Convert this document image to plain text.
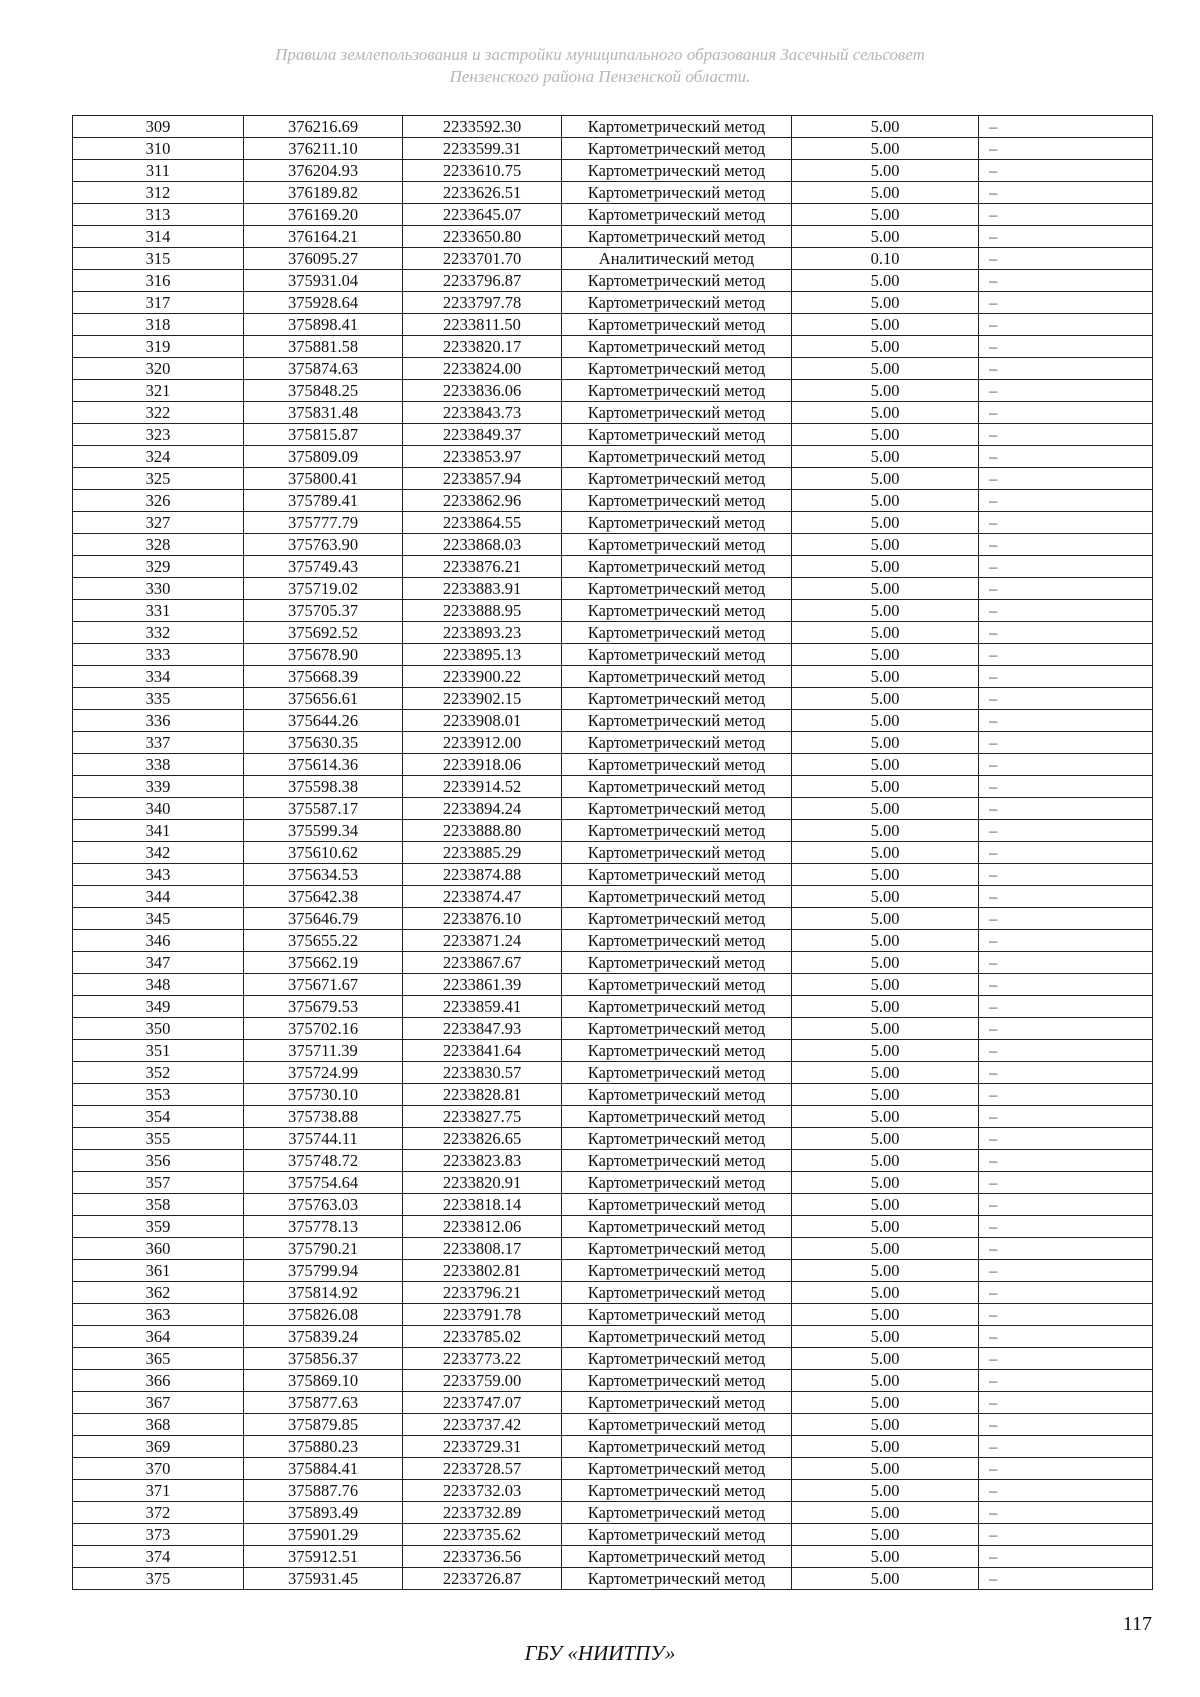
Правила землепользования и застройки муниципального образования Засечный сельсовет
Пензенского района Пензенской области.
309	376216.69	2233592.30	Картометрический метод	5.00	–
310	376211.10	2233599.31	Картометрический метод	5.00	–
311	376204.93	2233610.75	Картометрический метод	5.00	–
312	376189.82	2233626.51	Картометрический метод	5.00	–
313	376169.20	2233645.07	Картометрический метод	5.00	–
314	376164.21	2233650.80	Картометрический метод	5.00	–
315	376095.27	2233701.70	Аналитический метод	0.10	–
316	375931.04	2233796.87	Картометрический метод	5.00	–
317	375928.64	2233797.78	Картометрический метод	5.00	–
318	375898.41	2233811.50	Картометрический метод	5.00	–
319	375881.58	2233820.17	Картометрический метод	5.00	–
320	375874.63	2233824.00	Картометрический метод	5.00	–
321	375848.25	2233836.06	Картометрический метод	5.00	–
322	375831.48	2233843.73	Картометрический метод	5.00	–
323	375815.87	2233849.37	Картометрический метод	5.00	–
324	375809.09	2233853.97	Картометрический метод	5.00	–
325	375800.41	2233857.94	Картометрический метод	5.00	–
326	375789.41	2233862.96	Картометрический метод	5.00	–
327	375777.79	2233864.55	Картометрический метод	5.00	–
328	375763.90	2233868.03	Картометрический метод	5.00	–
329	375749.43	2233876.21	Картометрический метод	5.00	–
330	375719.02	2233883.91	Картометрический метод	5.00	–
331	375705.37	2233888.95	Картометрический метод	5.00	–
332	375692.52	2233893.23	Картометрический метод	5.00	–
333	375678.90	2233895.13	Картометрический метод	5.00	–
334	375668.39	2233900.22	Картометрический метод	5.00	–
335	375656.61	2233902.15	Картометрический метод	5.00	–
336	375644.26	2233908.01	Картометрический метод	5.00	–
337	375630.35	2233912.00	Картометрический метод	5.00	–
338	375614.36	2233918.06	Картометрический метод	5.00	–
339	375598.38	2233914.52	Картометрический метод	5.00	–
340	375587.17	2233894.24	Картометрический метод	5.00	–
341	375599.34	2233888.80	Картометрический метод	5.00	–
342	375610.62	2233885.29	Картометрический метод	5.00	–
343	375634.53	2233874.88	Картометрический метод	5.00	–
344	375642.38	2233874.47	Картометрический метод	5.00	–
345	375646.79	2233876.10	Картометрический метод	5.00	–
346	375655.22	2233871.24	Картометрический метод	5.00	–
347	375662.19	2233867.67	Картометрический метод	5.00	–
348	375671.67	2233861.39	Картометрический метод	5.00	–
349	375679.53	2233859.41	Картометрический метод	5.00	–
350	375702.16	2233847.93	Картометрический метод	5.00	–
351	375711.39	2233841.64	Картометрический метод	5.00	–
352	375724.99	2233830.57	Картометрический метод	5.00	–
353	375730.10	2233828.81	Картометрический метод	5.00	–
354	375738.88	2233827.75	Картометрический метод	5.00	–
355	375744.11	2233826.65	Картометрический метод	5.00	–
356	375748.72	2233823.83	Картометрический метод	5.00	–
357	375754.64	2233820.91	Картометрический метод	5.00	–
358	375763.03	2233818.14	Картометрический метод	5.00	–
359	375778.13	2233812.06	Картометрический метод	5.00	–
360	375790.21	2233808.17	Картометрический метод	5.00	–
361	375799.94	2233802.81	Картометрический метод	5.00	–
362	375814.92	2233796.21	Картометрический метод	5.00	–
363	375826.08	2233791.78	Картометрический метод	5.00	–
364	375839.24	2233785.02	Картометрический метод	5.00	–
365	375856.37	2233773.22	Картометрический метод	5.00	–
366	375869.10	2233759.00	Картометрический метод	5.00	–
367	375877.63	2233747.07	Картометрический метод	5.00	–
368	375879.85	2233737.42	Картометрический метод	5.00	–
369	375880.23	2233729.31	Картометрический метод	5.00	–
370	375884.41	2233728.57	Картометрический метод	5.00	–
371	375887.76	2233732.03	Картометрический метод	5.00	–
372	375893.49	2233732.89	Картометрический метод	5.00	–
373	375901.29	2233735.62	Картометрический метод	5.00	–
374	375912.51	2233736.56	Картометрический метод	5.00	–
375	375931.45	2233726.87	Картометрический метод	5.00	–
117
ГБУ «НИИТПУ»
